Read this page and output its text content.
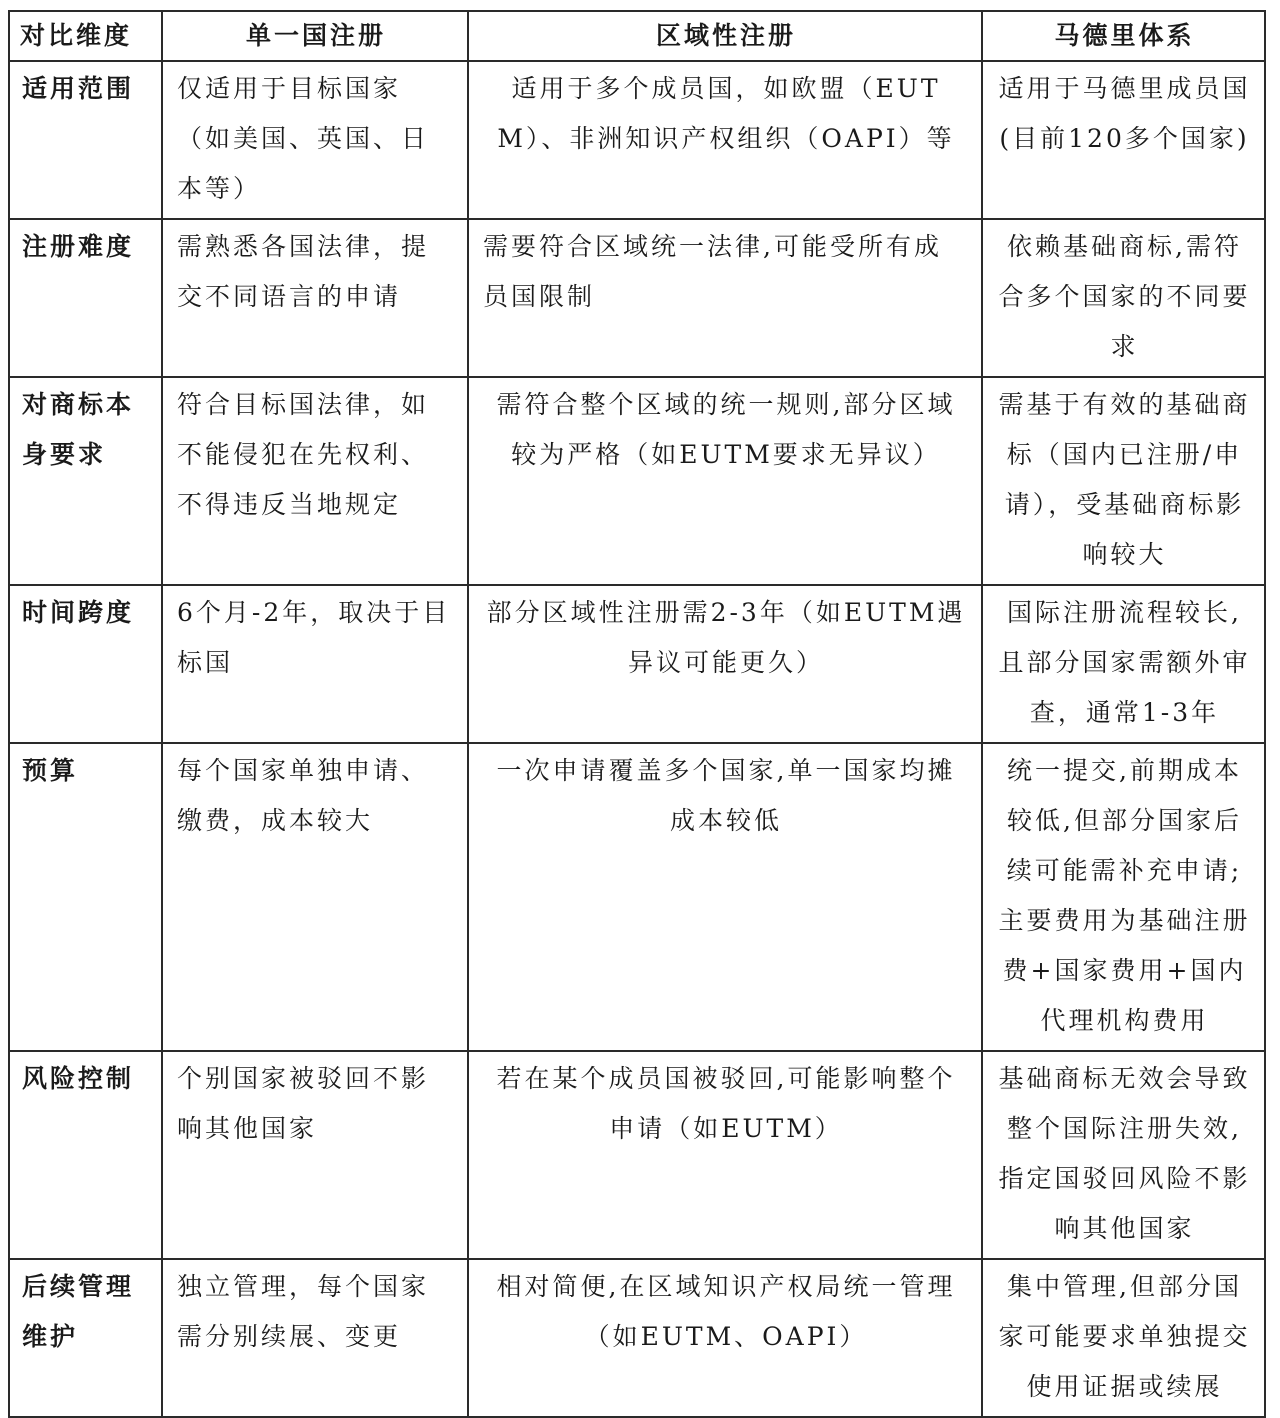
对比维度	单一国注册	区域性注册	马德里体系
适用范围	仅适用于目标国家（如美国、英国、日本等）	适用于多个成员国，如欧盟（EUTM）、非洲知识产权组织（OAPI）等	适用于马德里成员国(目前120多个国家)
注册难度	需熟悉各国法律，提交不同语言的申请	需要符合区域统一法律,可能受所有成员国限制	依赖基础商标,需符合多个国家的不同要求
对商标本身要求	符合目标国法律，如不能侵犯在先权利、不得违反当地规定	需符合整个区域的统一规则,部分区域较为严格（如EUTM要求无异议）	需基于有效的基础商标（国内已注册/申请），受基础商标影响较大
时间跨度	6个月-2年，取决于目标国	部分区域性注册需2-3年（如EUTM遇异议可能更久）	国际注册流程较长,且部分国家需额外审查，通常1-3年
预算	每个国家单独申请、缴费，成本较大	一次申请覆盖多个国家,单一国家均摊成本较低	统一提交,前期成本较低,但部分国家后续可能需补充申请;主要费用为基础注册费+国家费用+国内代理机构费用
风险控制	个别国家被驳回不影响其他国家	若在某个成员国被驳回,可能影响整个申请（如EUTM）	基础商标无效会导致整个国际注册失效,指定国驳回风险不影响其他国家
后续管理维护	独立管理，每个国家需分别续展、变更	相对简便,在区域知识产权局统一管理（如EUTM、OAPI）	集中管理,但部分国家可能要求单独提交使用证据或续展
